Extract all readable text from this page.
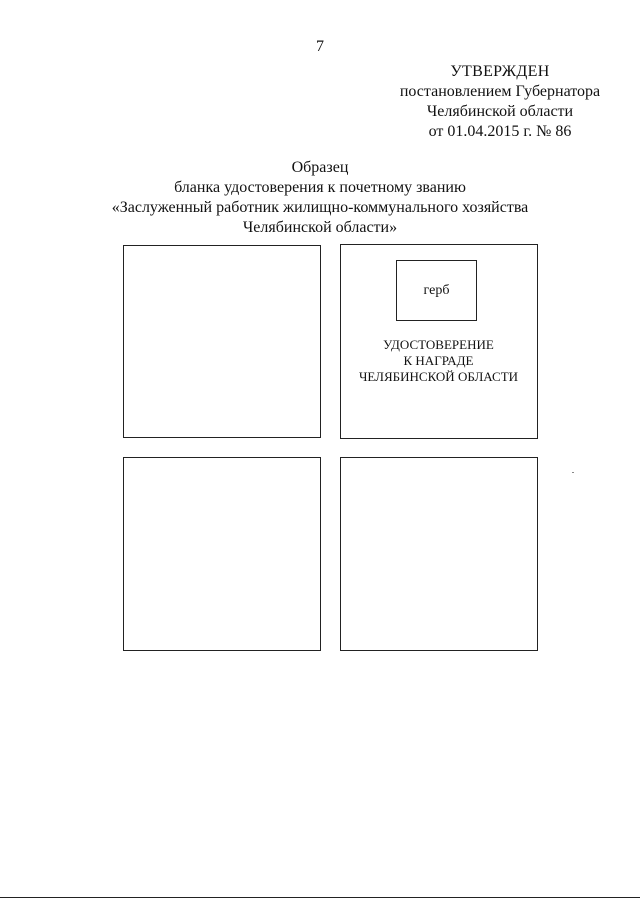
7
УТВЕРЖДЕН
постановлением Губернатора
Челябинской области
от 01.04.2015 г. № 86
Образец
бланка удостоверения к почетному званию
«Заслуженный работник жилищно-коммунального хозяйства
Челябинской области»
герб
УДОСТОВЕРЕНИЕ
К НАГРАДЕ
ЧЕЛЯБИНСКОЙ ОБЛАСТИ
